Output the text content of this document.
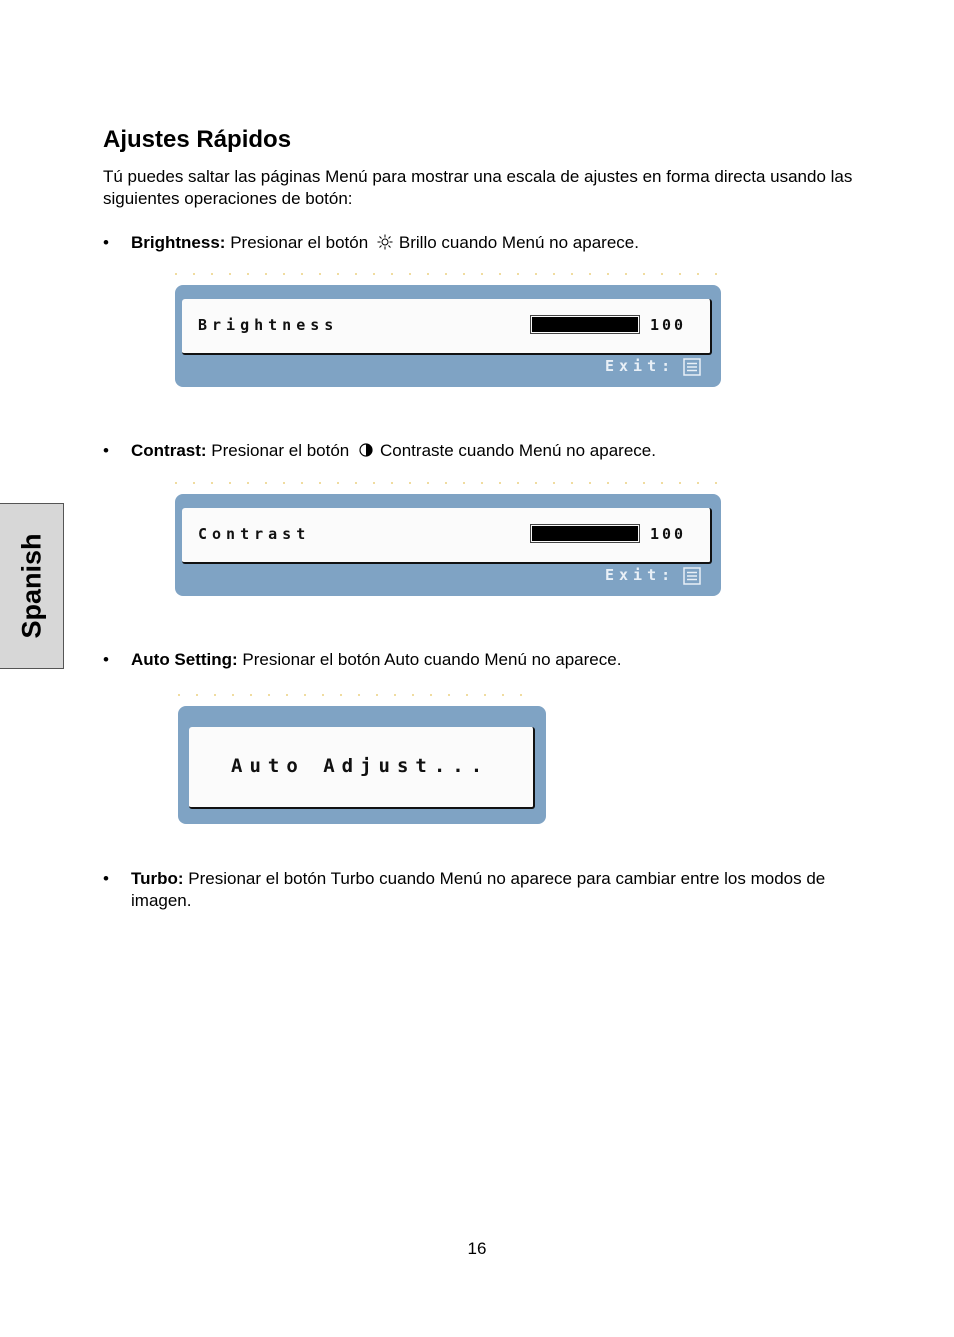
Ajustes Rápidos

Tú puedes saltar las páginas Menú para mostrar una escala de ajustes en forma directa usando las siguientes operaciones de botón:

• Brightness: Presionar el botón Brillo cuando Menú no aparece.
Brightness	100
Exit:
• Contrast: Presionar el botón Contraste cuando Menú no aparece.
Contrast	100
Exit:
• Auto Setting: Presionar el botón Auto cuando Menú no aparece.
Auto Adjust...
• Turbo: Presionar el botón Turbo cuando Menú no aparece para cambiar entre los modos de imagen.
Spanish
16
